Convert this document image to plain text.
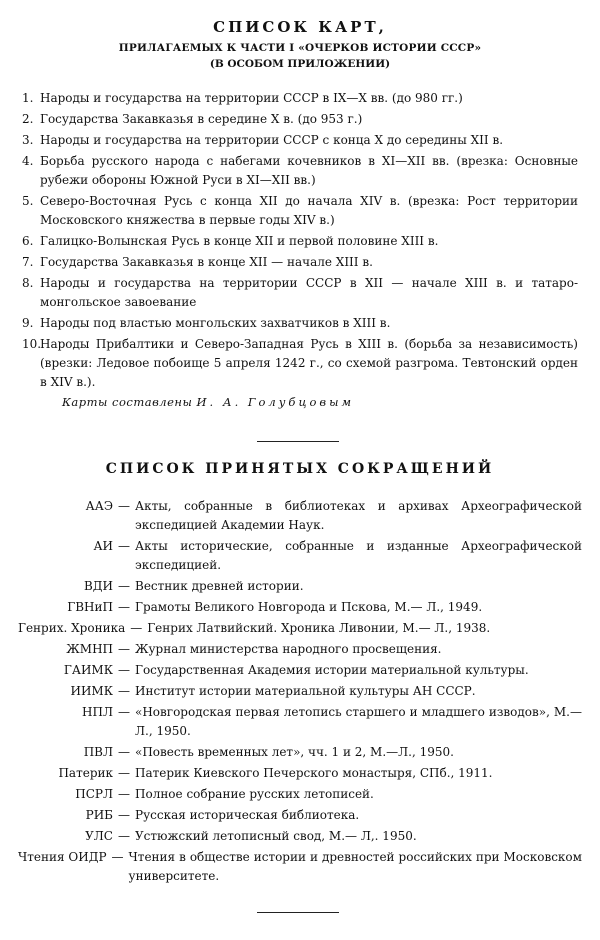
СПИСОК КАРТ,
ПРИЛАГАЕМЫХ К ЧАСТИ I «ОЧЕРКОВ ИСТОРИИ СССР»
(В ОСОБОМ ПРИЛОЖЕНИИ)
1. Народы и государства на территории СССР в IX—X вв. (до 980 гг.)
2. Государства Закавказья в середине X в. (до 953 г.)
3. Народы и государства на территории СССР с конца X до середины XII в.
4. Борьба русского народа с набегами кочевников в XI—XII вв. (врезка: Основные рубежи обороны Южной Руси в XI—XII вв.)
5. Северо-Восточная Русь с конца XII до начала XIV в. (врезка: Рост территории Московского княжества в первые годы XIV в.)
6. Галицко-Волынская Русь в конце XII и первой половине XIII в.
7. Государства Закавказья в конце XII — начале XIII в.
8. Народы и государства на территории СССР в XII — начале XIII в. и татаро-монгольское завоевание
9. Народы под властью монгольских захватчиков в XIII в.
10.
Народы Прибалтики и Северо-Западная Русь в XIII в. (борьба за независимость) (врезки: Ледовое побоище 5 апреля 1242 г., со схемой разгрома. Тевтонский орден в XIV в.).
Карты составлены И. А. Голубцовым
СПИСОК ПРИНЯТЫХ СОКРАЩЕНИЙ
ААЭ — Акты, собранные в библиотеках и архивах Археографической экспедицией Академии Наук.
АИ — Акты исторические, собранные и изданные Археографической экспедицией.
ВДИ — Вестник древней истории.
ГВНиП — Грамоты Великого Новгорода и Пскова, М.— Л., 1949.
Генрих. Хроника — Генрих Латвийский. Хроника Ливонии, М.— Л., 1938.
ЖМНП — Журнал министерства народного просвещения.
ГАИМК — Государственная Академия истории материальной культуры.
ИИМК — Институт истории материальной культуры АН СССР.
НПЛ — «Новгородская первая летопись старшего и младшего изводов», М.— Л., 1950.
ПВЛ — «Повесть временных лет», чч. 1 и 2, М.—Л., 1950.
Патерик — Патерик Киевского Печерского монастыря, СПб., 1911.
ПСРЛ — Полное собрание русских летописей.
РИБ — Русская историческая библиотека.
УЛС — Устюжский летописный свод, М.— Л,. 1950.
Чтения ОИДР — Чтения в обществе истории и древностей российских при Московском университете.
